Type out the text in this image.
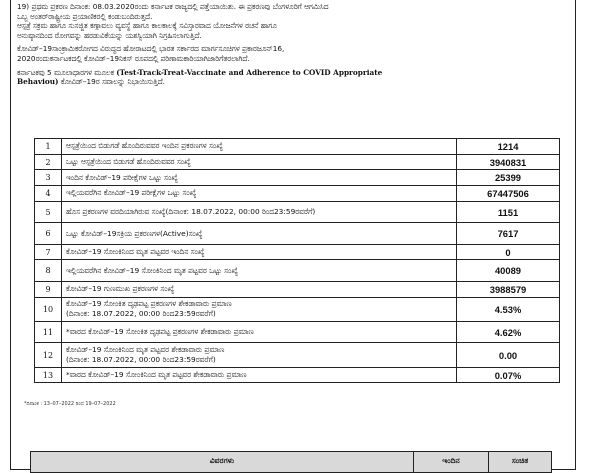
19) ಪ್ರಥಮ ಪ್ರಕರಣ ದಿನಾಂಕ: 08.03.2020ರಂದು ಕರ್ನಾಟಕ ರಾಜ್ಯದಲ್ಲಿ ಪತ್ತೆಯಾಯಿತು. ಈ ಪ್ರಕರಣವು ಬೆಂಗಳೂರಿಗೆ ಆಗಮಿಸಿದ
ಒಬ್ಬ ಅಂತರ್‌ರಾಷ್ಟ್ರೀಯ ಪ್ರಯಾಣಿಕರಲ್ಲಿ ಕಂಡುಬಂದಿರುತ್ತದೆ.

ಆಸ್ಪತ್ರೆ ಸಕ್ರಮ ಹಾಗೂ ಸುಸಜ್ಜಿತ ಕಣ್ಗಾವಲು ವ್ಯವಸ್ಥೆ ಹಾಗೂ ಕಾಲಕಾಲಕ್ಕೆ ಸವಿಸ್ತಾರವಾದ ಯೋಜನೆಗಳ ರಚನೆ ಹಾಗೂ
ಅನುಷ್ಠಾನದಿಂದ ರೋಗವನ್ನು ಹರಡುವಿಕೆಯನ್ನು ಯಶಸ್ವಿಯಾಗಿ ನಿಗ್ರಹಿಸಲಾಗುತ್ತಿದೆ.

ಕೋವಿಡ್–19ಸಾಂಕ್ರಾಮಿಕರೋಗದ ವಿರುದ್ಧದ ಹೋರಾಟದಲ್ಲಿ ಭಾರತ ಸರ್ಕಾರದ ಮಾರ್ಗಸೂಚಿಗಳ ಪ್ರಕಾರಜೂನ್16,
2020ರಂದುಕರ್ನಾಟಕದಲ್ಲಿ ಕೋವಿಡ್–19ನಿಕಸ್ ರೂಪದಲ್ಲಿ ಪರಿಣಾಮಕಾರಿಯಾಗಿಜಾರಿಗೆತರಲಾಗಿದೆ.

ಕರ್ನಾಟಕವು 5 ಮೂಲಾಧಾರಗಳ ಮೂಲಕ (Test-Track-Treat-Vaccinate and Adherence to COVID Appropriate
Behaviou) ಕೋವಿಡ್–19ರ ಸವಾಲನ್ನು ನಿಭಾಯಿಸುತ್ತಿದೆ.

1	ಆಸ್ಪತ್ರೆಯಿಂದ ಬಿಡುಗಡೆ ಹೊಂದಿರುವವರ ಇಂದಿನ ಪ್ರಕರಣಗಳ ಸಂಖ್ಯೆ	1214
2	ಒಟ್ಟು ಆಸ್ಪತ್ರೆಯಿಂದ ಬಿಡುಗಡೆ ಹೊಂದಿರುವವರ ಸಂಖ್ಯೆ	3940831
3	ಇಂದಿನ ಕೋವಿಡ್–19 ಪರೀಕ್ಷೆಗಳ ಒಟ್ಟು ಸಂಖ್ಯೆ	25399
4	ಇಲ್ಲಿಯವರೆಗಿನ ಕೋವಿಡ್–19 ಪರೀಕ್ಷೆಗಳ ಒಟ್ಟು ಸಂಖ್ಯೆ	67447506
5	ಹೊಸ ಪ್ರಕರಣಗಳ ವರದಿಯಾಗಿರುವ ಸಂಖ್ಯೆ(ದಿನಾಂಕ: 18.07.2022, 00:00 ರಿಂದ23:59ರವರೆಗೆ)	1151
6	ಒಟ್ಟು ಕೋವಿಡ್–19ಸಕ್ರಿಯ ಪ್ರಕರಣಗಳ(Active)ಸಂಖ್ಯೆ	7617
7	ಕೋವಿಡ್–19 ಸೋಂಕಿನಿಂದ ಮೃತ ಪಟ್ಟವರ ಇಂದಿನ ಸಂಖ್ಯೆ	0
8	ಇಲ್ಲಿಯವರೆಗಿನ ಕೋವಿಡ್–19 ಸೋಂಕಿನಿಂದ ಮೃತ ಪಟ್ಟವರ ಒಟ್ಟು ಸಂಖ್ಯೆ	40089
9	ಕೋವಿಡ್–19 ಗುಣಮುಖ ಪ್ರಕರಣಗಳ ಸಂಖ್ಯೆ	3988579
10	ಕೋವಿಡ್–19 ಸೋಂಕಿತ ದೃಢಪಟ್ಟ ಪ್ರಕರಣಗಳ ಶೇಕಡಾವಾರು ಪ್ರಮಾಣ
(ದಿನಾಂಕ: 18.07.2022, 00:00 ರಿಂದ23:59ರವರೆಗೆ)	4.53%
11	*ವಾರದ ಕೋವಿಡ್–19 ಸೋಂಕಿತ ದೃಢಪಟ್ಟ ಪ್ರಕರಣಗಳ ಶೇಕಡಾವಾರು ಪ್ರಮಾಣ	4.62%
12	ಕೋವಿಡ್–19 ಸೋಂಕಿನಿಂದ ಮೃತ ಪಟ್ಟವರ ಶೇಕಡಾವಾರು ಪ್ರಮಾಣ
(ದಿನಾಂಕ: 18.07.2022, 00:00 ರಿಂದ23:59ರವರೆಗೆ)	0.00
13	*ವಾರದ ಕೋವಿಡ್–19 ಸೋಂಕಿನಿಂದ ಮೃತ ಪಟ್ಟವರ ಶೇಕಡಾವಾರು ಪ್ರಮಾಣ	0.07%
*ದಿನಾಂಕ : 13–07–2022 ರಿಂದ 19–07–2022
ವಿವರಗಳು	ಇಂದಿನ	ಸಂಚಿತ
